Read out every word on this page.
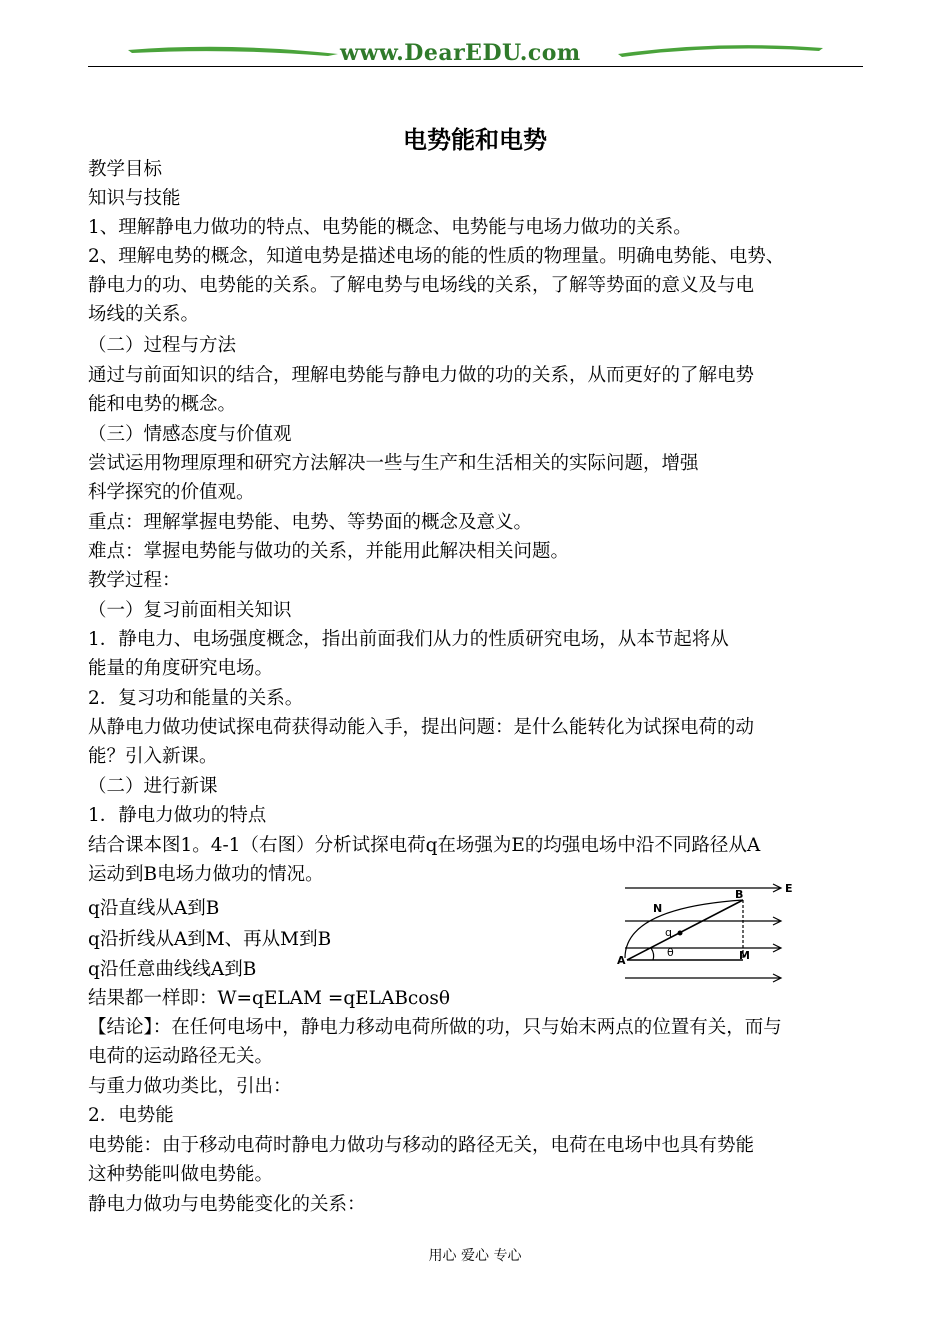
www.DearEDU.com
电势能和电势
教学目标
知识与技能
1、理解静电力做功的特点、电势能的概念、电势能与电场力做功的关系。
2、理解电势的概念，知道电势是描述电场的能的性质的物理量。明确电势能、电势、
静电力的功、电势能的关系。了解电势与电场线的关系，了解等势面的意义及与电
场线的关系。
（二）过程与方法
通过与前面知识的结合，理解电势能与静电力做的功的关系，从而更好的了解电势
能和电势的概念。
（三）情感态度与价值观
尝试运用物理原理和研究方法解决一些与生产和生活相关的实际问题，增强
科学探究的价值观。
重点：理解掌握电势能、电势、等势面的概念及意义。
难点：掌握电势能与做功的关系，并能用此解决相关问题。
教学过程：
（一）复习前面相关知识
1．静电力、电场强度概念，指出前面我们从力的性质研究电场，从本节起将从
能量的角度研究电场。
2．复习功和能量的关系。
从静电力做功使试探电荷获得动能入手，提出问题：是什么能转化为试探电荷的动
能？引入新课。
（二）进行新课
1．静电力做功的特点
结合课本图1。4-1（右图）分析试探电荷q在场强为E的均强电场中沿不同路径从A
运动到B电场力做功的情况。
q沿直线从A到B
q沿折线从A到M、再从M到B
q沿任意曲线线A到B
结果都一样即：W=qELAM =qELABcosθ
【结论】：在任何电场中，静电力移动电荷所做的功，只与始末两点的位置有关，而与
电荷的运动路径无关。
与重力做功类比，引出：
2．电势能
电势能：由于移动电荷时静电力做功与移动的路径无关，电荷在电场中也具有势能
这种势能叫做电势能。
静电力做功与电势能变化的关系：
E
B
N
q
θ
A	M
用心 爱心 专心
